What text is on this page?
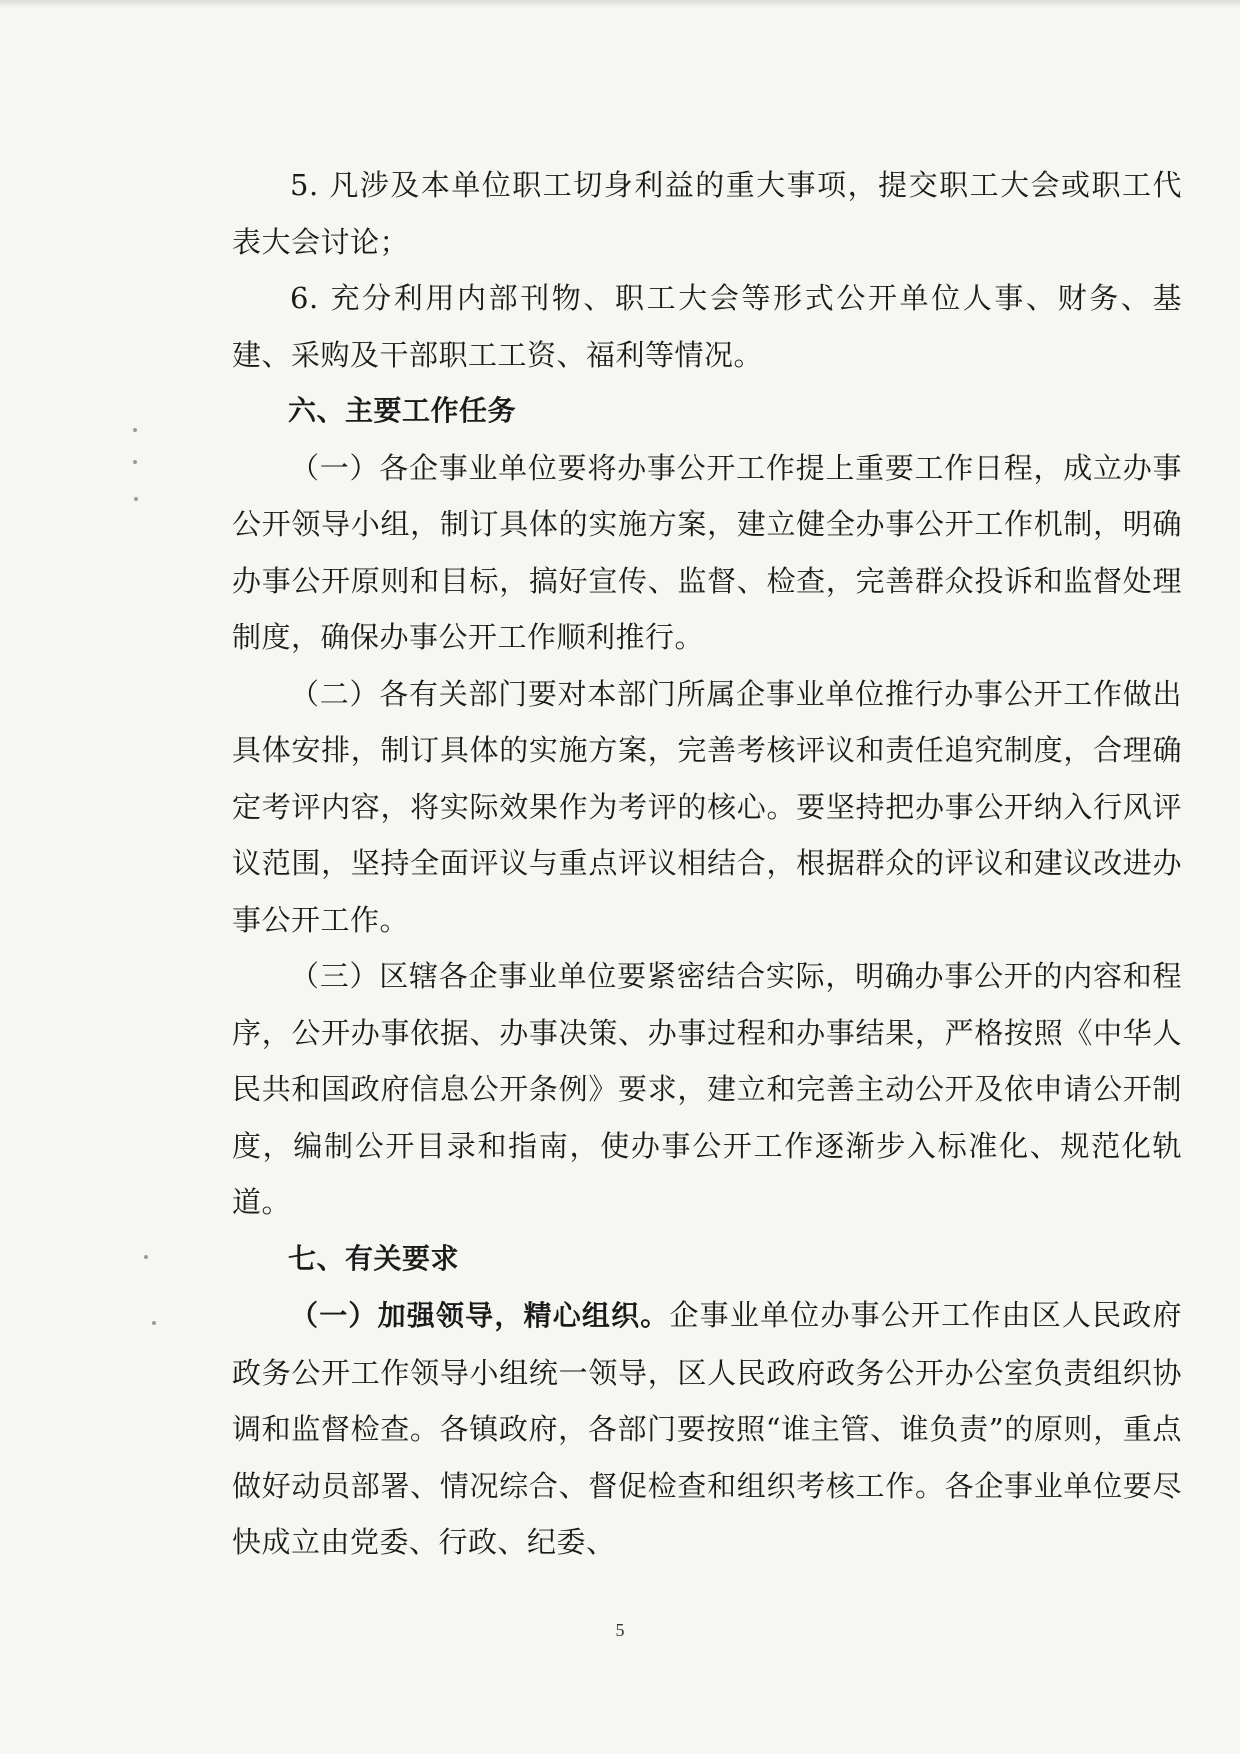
5. 凡涉及本单位职工切身利益的重大事项，提交职工大会或职工代表大会讨论；

6. 充分利用内部刊物、职工大会等形式公开单位人事、财务、基建、采购及干部职工工资、福利等情况。

六、主要工作任务

（一）各企事业单位要将办事公开工作提上重要工作日程，成立办事公开领导小组，制订具体的实施方案，建立健全办事公开工作机制，明确办事公开原则和目标，搞好宣传、监督、检查，完善群众投诉和监督处理制度，确保办事公开工作顺利推行。

（二）各有关部门要对本部门所属企事业单位推行办事公开工作做出具体安排，制订具体的实施方案，完善考核评议和责任追究制度，合理确定考评内容，将实际效果作为考评的核心。要坚持把办事公开纳入行风评议范围，坚持全面评议与重点评议相结合，根据群众的评议和建议改进办事公开工作。

（三）区辖各企事业单位要紧密结合实际，明确办事公开的内容和程序，公开办事依据、办事决策、办事过程和办事结果，严格按照《中华人民共和国政府信息公开条例》要求，建立和完善主动公开及依申请公开制度，编制公开目录和指南，使办事公开工作逐渐步入标准化、规范化轨道。

七、有关要求

（一）加强领导，精心组织。企事业单位办事公开工作由区人民政府政务公开工作领导小组统一领导，区人民政府政务公开办公室负责组织协调和监督检查。各镇政府，各部门要按照“谁主管、谁负责”的原则，重点做好动员部署、情况综合、督促检查和组织考核工作。各企事业单位要尽快成立由党委、行政、纪委、

5
